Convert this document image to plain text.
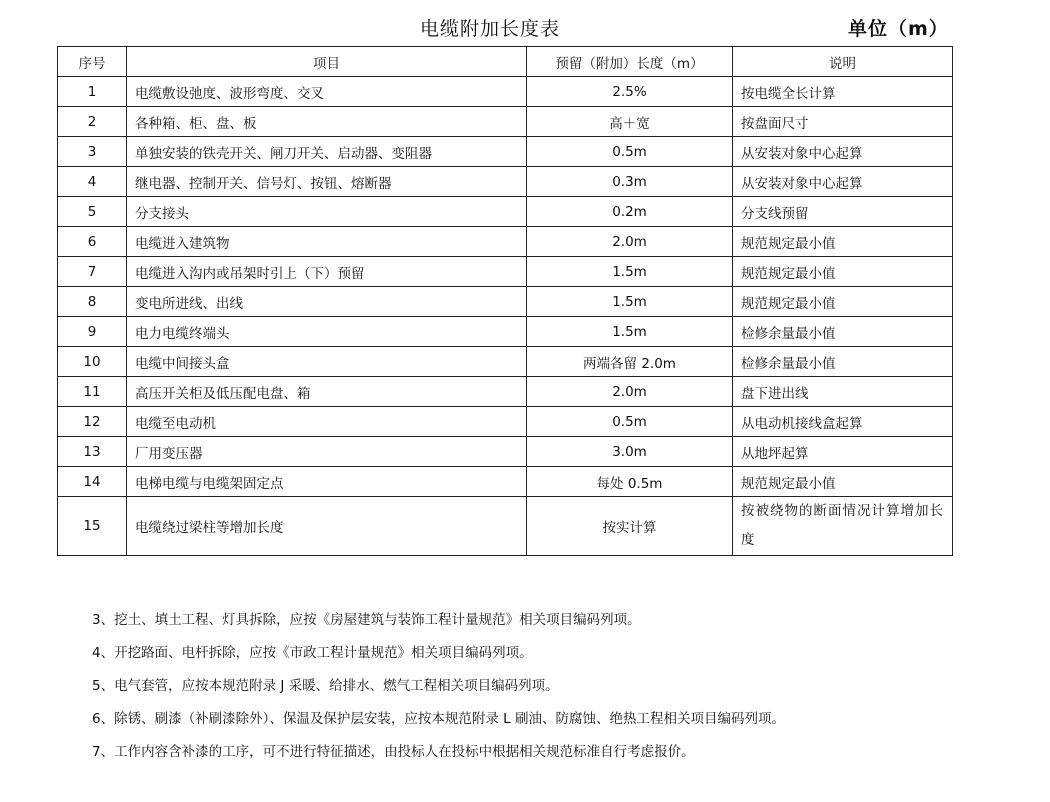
电缆附加长度表	单位（m）
序号	项目	预留（附加）长度（m）	说明
1	电缆敷设弛度、波形弯度、交叉	2.5%	按电缆全长计算
2	各种箱、柜、盘、板	高＋宽	按盘面尺寸
3	单独安装的铁壳开关、闸刀开关、启动器、变阻器	0.5m	从安装对象中心起算
4	继电器、控制开关、信号灯、按钮、熔断器	0.3m	从安装对象中心起算
5	分支接头	0.2m	分支线预留
6	电缆进入建筑物	2.0m	规范规定最小值
7	电缆进入沟内或吊架时引上（下）预留	1.5m	规范规定最小值
8	变电所进线、出线	1.5m	规范规定最小值
9	电力电缆终端头	1.5m	检修余量最小值
10	电缆中间接头盒	两端各留 2.0m	检修余量最小值
11	高压开关柜及低压配电盘、箱	2.0m	盘下进出线
12	电缆至电动机	0.5m	从电动机接线盒起算
13	厂用变压器	3.0m	从地坪起算
14	电梯电缆与电缆架固定点	每处 0.5m	规范规定最小值
15	电缆绕过梁柱等增加长度	按实计算	按被绕物的断面情况计算增加长度
3、挖土、填土工程、灯具拆除，应按《房屋建筑与装饰工程计量规范》相关项目编码列项。
4、开挖路面、电杆拆除，应按《市政工程计量规范》相关项目编码列项。
5、电气套管，应按本规范附录 J 采暖、给排水、燃气工程相关项目编码列项。
6、除锈、刷漆（补刷漆除外）、保温及保护层安装，应按本规范附录 L 刷油、防腐蚀、绝热工程相关项目编码列项。
7、工作内容含补漆的工序，可不进行特征描述，由投标人在投标中根据相关规范标准自行考虑报价。
